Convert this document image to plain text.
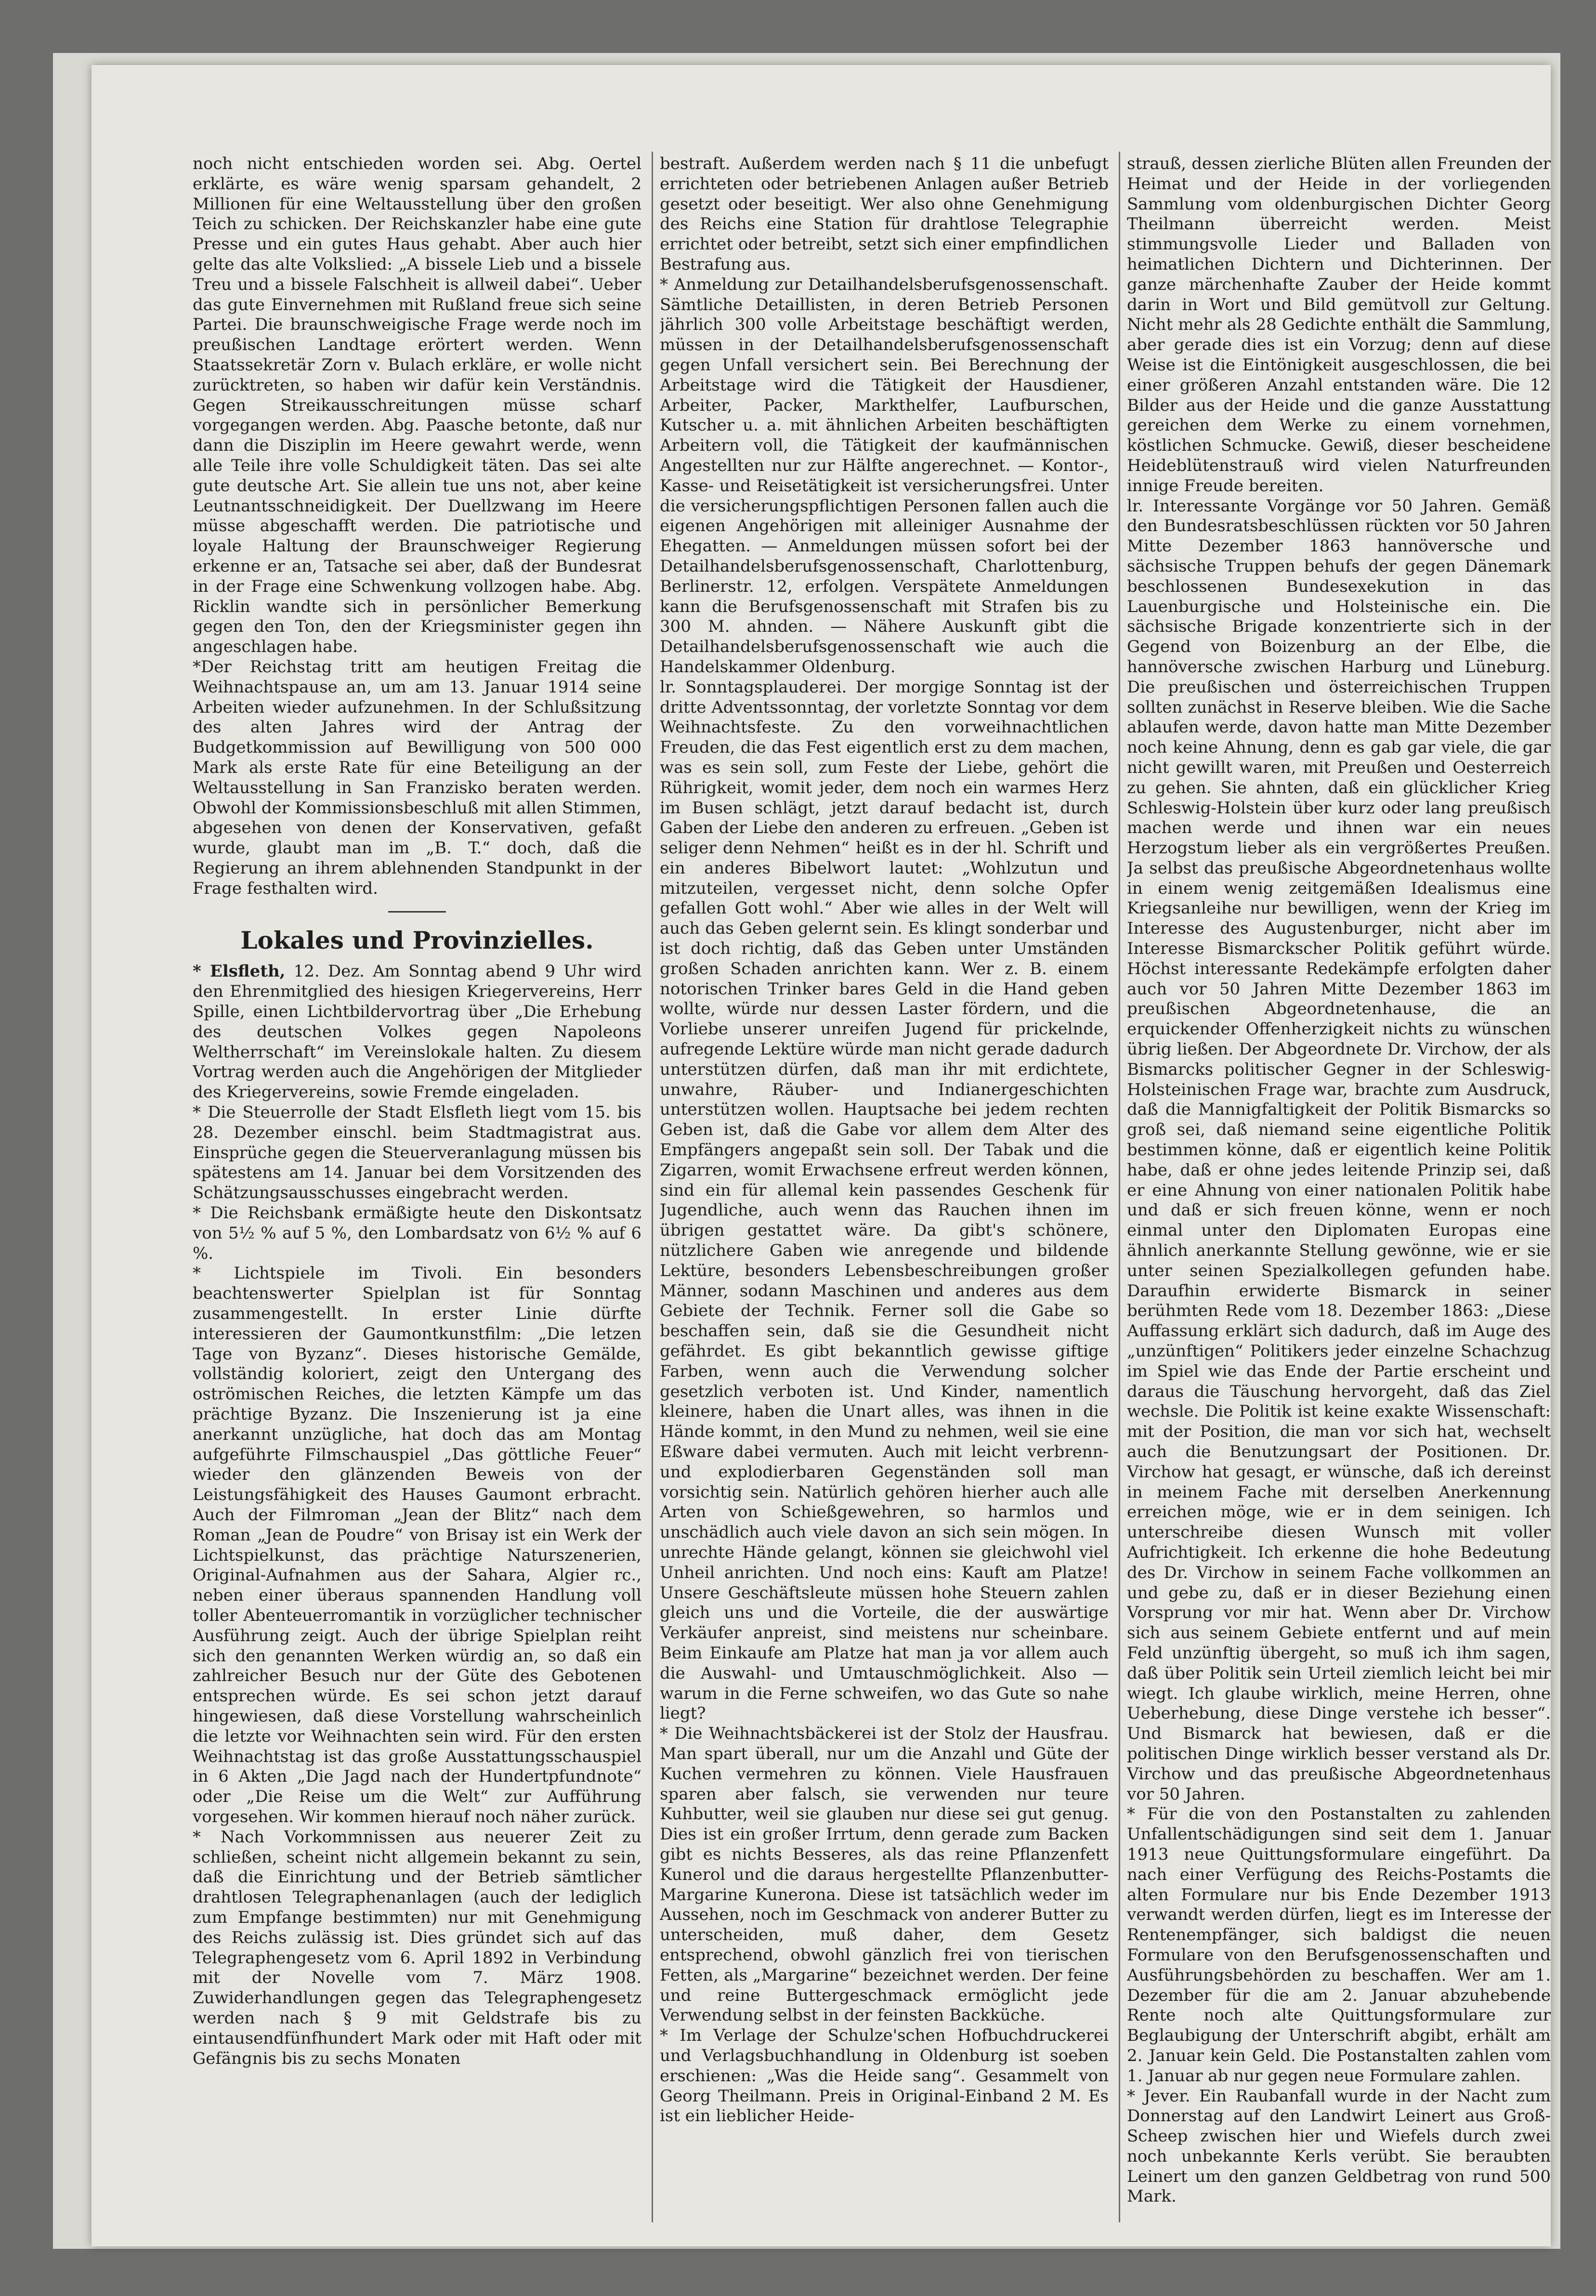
noch nicht entschieden worden sei. Abg. Oertel erklärte, es wäre wenig sparsam gehandelt, 2 Millionen für eine Weltausstellung über den großen Teich zu schicken. Der Reichskanzler habe eine gute Presse und ein gutes Haus gehabt. Aber auch hier gelte das alte Volkslied: „A bissele Lieb und a bissele Treu und a bissele Falschheit is allweil dabei“. Ueber das gute Einvernehmen mit Rußland freue sich seine Partei. Die braunschweigische Frage werde noch im preußischen Landtage erörtert werden. Wenn Staatssekretär Zorn v. Bulach erkläre, er wolle nicht zurücktreten, so haben wir dafür kein Verständnis. Gegen Streikausschreitungen müsse scharf vorgegangen werden. Abg. Paasche betonte, daß nur dann die Disziplin im Heere gewahrt werde, wenn alle Teile ihre volle Schuldigkeit täten. Das sei alte gute deutsche Art. Sie allein tue uns not, aber keine Leutnantsschneidigkeit. Der Duellzwang im Heere müsse abgeschafft werden. Die patriotische und loyale Haltung der Braunschweiger Regierung erkenne er an, Tatsache sei aber, daß der Bundesrat in der Frage eine Schwenkung vollzogen habe. Abg. Ricklin wandte sich in persönlicher Bemerkung gegen den Ton, den der Kriegsminister gegen ihn angeschlagen habe.

*Der Reichstag tritt am heutigen Freitag die Weihnachtspause an, um am 13. Januar 1914 seine Arbeiten wieder aufzunehmen. In der Schlußsitzung des alten Jahres wird der Antrag der Budgetkommission auf Bewilligung von 500 000 Mark als erste Rate für eine Beteiligung an der Weltausstellung in San Franzisko beraten werden. Obwohl der Kommissionsbeschluß mit allen Stimmen, abgesehen von denen der Konservativen, gefaßt wurde, glaubt man im „B. T.“ doch, daß die Regierung an ihrem ablehnenden Standpunkt in der Frage festhalten wird.

Lokales und Provinzielles.

* Elsfleth, 12. Dez. Am Sonntag abend 9 Uhr wird den Ehrenmitglied des hiesigen Kriegervereins, Herr Spille, einen Lichtbildervortrag über „Die Erhebung des deutschen Volkes gegen Napoleons Weltherrschaft“ im Vereinslokale halten. Zu diesem Vortrag werden auch die Angehörigen der Mitglieder des Kriegervereins, sowie Fremde eingeladen.

* Die Steuerrolle der Stadt Elsfleth liegt vom 15. bis 28. Dezember einschl. beim Stadtmagistrat aus. Einsprüche gegen die Steuerveranlagung müssen bis spätestens am 14. Januar bei dem Vorsitzenden des Schätzungsausschusses eingebracht werden.

* Die Reichsbank ermäßigte heute den Diskontsatz von 5½ % auf 5 %, den Lombardsatz von 6½ % auf 6 %.

* Lichtspiele im Tivoli. Ein besonders beachtenswerter Spielplan ist für Sonntag zusammengestellt. In erster Linie dürfte interessieren der Gaumontkunstfilm: „Die letzen Tage von Byzanz“. Dieses historische Gemälde, vollständig koloriert, zeigt den Untergang des oströmischen Reiches, die letzten Kämpfe um das prächtige Byzanz. Die Inszenierung ist ja eine anerkannt unzügliche, hat doch das am Montag aufgeführte Filmschauspiel „Das göttliche Feuer“ wieder den glänzenden Beweis von der Leistungsfähigkeit des Hauses Gaumont erbracht. Auch der Filmroman „Jean der Blitz“ nach dem Roman „Jean de Poudre“ von Brisay ist ein Werk der Lichtspielkunst, das prächtige Naturszenerien, Original-Aufnahmen aus der Sahara, Algier rc., neben einer überaus spannenden Handlung voll toller Abenteuerromantik in vorzüglicher technischer Ausführung zeigt. Auch der übrige Spielplan reiht sich den genannten Werken würdig an, so daß ein zahlreicher Besuch nur der Güte des Gebotenen entsprechen würde. Es sei schon jetzt darauf hingewiesen, daß diese Vorstellung wahrscheinlich die letzte vor Weihnachten sein wird. Für den ersten Weihnachtstag ist das große Ausstattungsschauspiel in 6 Akten „Die Jagd nach der Hundertpfundnote“ oder „Die Reise um die Welt“ zur Aufführung vorgesehen. Wir kommen hierauf noch näher zurück.

* Nach Vorkommnissen aus neuerer Zeit zu schließen, scheint nicht allgemein bekannt zu sein, daß die Einrichtung und der Betrieb sämtlicher drahtlosen Telegraphenanlagen (auch der lediglich zum Empfange bestimmten) nur mit Genehmigung des Reichs zulässig ist. Dies gründet sich auf das Telegraphengesetz vom 6. April 1892 in Verbindung mit der Novelle vom 7. März 1908. Zuwiderhandlungen gegen das Telegraphengesetz werden nach § 9 mit Geldstrafe bis zu eintausendfünfhundert Mark oder mit Haft oder mit Gefängnis bis zu sechs Monaten

bestraft. Außerdem werden nach § 11 die unbefugt errichteten oder betriebenen Anlagen außer Betrieb gesetzt oder beseitigt. Wer also ohne Genehmigung des Reichs eine Station für drahtlose Telegraphie errichtet oder betreibt, setzt sich einer empfindlichen Bestrafung aus.

* Anmeldung zur Detailhandelsberufsgenossenschaft. Sämtliche Detaillisten, in deren Betrieb Personen jährlich 300 volle Arbeitstage beschäftigt werden, müssen in der Detailhandelsberufsgenossenschaft gegen Unfall versichert sein. Bei Berechnung der Arbeitstage wird die Tätigkeit der Hausdiener, Arbeiter, Packer, Markthelfer, Laufburschen, Kutscher u. a. mit ähnlichen Arbeiten beschäftigten Arbeitern voll, die Tätigkeit der kaufmännischen Angestellten nur zur Hälfte angerechnet. — Kontor-, Kasse- und Reisetätigkeit ist versicherungsfrei. Unter die versicherungspflichtigen Personen fallen auch die eigenen Angehörigen mit alleiniger Ausnahme der Ehegatten. — Anmeldungen müssen sofort bei der Detailhandelsberufsgenossenschaft, Charlottenburg, Berlinerstr. 12, erfolgen. Verspätete Anmeldungen kann die Berufsgenossenschaft mit Strafen bis zu 300 M. ahnden. — Nähere Auskunft gibt die Detailhandelsberufsgenossenschaft wie auch die Handelskammer Oldenburg.

lr. Sonntagsplauderei. Der morgige Sonntag ist der dritte Adventssonntag, der vorletzte Sonntag vor dem Weihnachtsfeste. Zu den vorweihnachtlichen Freuden, die das Fest eigentlich erst zu dem machen, was es sein soll, zum Feste der Liebe, gehört die Rührigkeit, womit jeder, dem noch ein warmes Herz im Busen schlägt, jetzt darauf bedacht ist, durch Gaben der Liebe den anderen zu erfreuen. „Geben ist seliger denn Nehmen“ heißt es in der hl. Schrift und ein anderes Bibelwort lautet: „Wohlzutun und mitzuteilen, vergesset nicht, denn solche Opfer gefallen Gott wohl.“ Aber wie alles in der Welt will auch das Geben gelernt sein. Es klingt sonderbar und ist doch richtig, daß das Geben unter Umständen großen Schaden anrichten kann. Wer z. B. einem notorischen Trinker bares Geld in die Hand geben wollte, würde nur dessen Laster fördern, und die Vorliebe unserer unreifen Jugend für prickelnde, aufregende Lektüre würde man nicht gerade dadurch unterstützen dürfen, daß man ihr mit erdichtete, unwahre, Räuber- und Indianergeschichten unterstützen wollen. Hauptsache bei jedem rechten Geben ist, daß die Gabe vor allem dem Alter des Empfängers angepaßt sein soll. Der Tabak und die Zigarren, womit Erwachsene erfreut werden können, sind ein für allemal kein passendes Geschenk für Jugendliche, auch wenn das Rauchen ihnen im übrigen gestattet wäre. Da gibt's schönere, nützlichere Gaben wie anregende und bildende Lektüre, besonders Lebensbeschreibungen großer Männer, sodann Maschinen und anderes aus dem Gebiete der Technik. Ferner soll die Gabe so beschaffen sein, daß sie die Gesundheit nicht gefährdet. Es gibt bekanntlich gewisse giftige Farben, wenn auch die Verwendung solcher gesetzlich verboten ist. Und Kinder, namentlich kleinere, haben die Unart alles, was ihnen in die Hände kommt, in den Mund zu nehmen, weil sie eine Eßware dabei vermuten. Auch mit leicht verbrenn- und explodierbaren Gegenständen soll man vorsichtig sein. Natürlich gehören hierher auch alle Arten von Schießgewehren, so harmlos und unschädlich auch viele davon an sich sein mögen. In unrechte Hände gelangt, können sie gleichwohl viel Unheil anrichten. Und noch eins: Kauft am Platze! Unsere Geschäftsleute müssen hohe Steuern zahlen gleich uns und die Vorteile, die der auswärtige Verkäufer anpreist, sind meistens nur scheinbare. Beim Einkaufe am Platze hat man ja vor allem auch die Auswahl- und Umtauschmöglichkeit. Also — warum in die Ferne schweifen, wo das Gute so nahe liegt?

* Die Weihnachtsbäckerei ist der Stolz der Hausfrau. Man spart überall, nur um die Anzahl und Güte der Kuchen vermehren zu können. Viele Hausfrauen sparen aber falsch, sie verwenden nur teure Kuhbutter, weil sie glauben nur diese sei gut genug. Dies ist ein großer Irrtum, denn gerade zum Backen gibt es nichts Besseres, als das reine Pflanzenfett Kunerol und die daraus hergestellte Pflanzenbutter-Margarine Kunerona. Diese ist tatsächlich weder im Aussehen, noch im Geschmack von anderer Butter zu unterscheiden, muß daher, dem Gesetz entsprechend, obwohl gänzlich frei von tierischen Fetten, als „Margarine“ bezeichnet werden. Der feine und reine Buttergeschmack ermöglicht jede Verwendung selbst in der feinsten Backküche.

* Im Verlage der Schulze'schen Hofbuchdruckerei und Verlagsbuchhandlung in Oldenburg ist soeben erschienen: „Was die Heide sang“. Gesammelt von Georg Theilmann. Preis in Original-Einband 2 M. Es ist ein lieblicher Heide-

strauß, dessen zierliche Blüten allen Freunden der Heimat und der Heide in der vorliegenden Sammlung vom oldenburgischen Dichter Georg Theilmann überreicht werden. Meist stimmungsvolle Lieder und Balladen von heimatlichen Dichtern und Dichterinnen. Der ganze märchenhafte Zauber der Heide kommt darin in Wort und Bild gemütvoll zur Geltung. Nicht mehr als 28 Gedichte enthält die Sammlung, aber gerade dies ist ein Vorzug; denn auf diese Weise ist die Eintönigkeit ausgeschlossen, die bei einer größeren Anzahl entstanden wäre. Die 12 Bilder aus der Heide und die ganze Ausstattung gereichen dem Werke zu einem vornehmen, köstlichen Schmucke. Gewiß, dieser bescheidene Heideblütenstrauß wird vielen Naturfreunden innige Freude bereiten.

lr. Interessante Vorgänge vor 50 Jahren. Gemäß den Bundesratsbeschlüssen rückten vor 50 Jahren Mitte Dezember 1863 hannöversche und sächsische Truppen behufs der gegen Dänemark beschlossenen Bundesexekution in das Lauenburgische und Holsteinische ein. Die sächsische Brigade konzentrierte sich in der Gegend von Boizenburg an der Elbe, die hannöversche zwischen Harburg und Lüneburg. Die preußischen und österreichischen Truppen sollten zunächst in Reserve bleiben. Wie die Sache ablaufen werde, davon hatte man Mitte Dezember noch keine Ahnung, denn es gab gar viele, die gar nicht gewillt waren, mit Preußen und Oesterreich zu gehen. Sie ahnten, daß ein glücklicher Krieg Schleswig-Holstein über kurz oder lang preußisch machen werde und ihnen war ein neues Herzogstum lieber als ein vergrößertes Preußen. Ja selbst das preußische Abgeordnetenhaus wollte in einem wenig zeitgemäßen Idealismus eine Kriegsanleihe nur bewilligen, wenn der Krieg im Interesse des Augustenburger, nicht aber im Interesse Bismarckscher Politik geführt würde. Höchst interessante Redekämpfe erfolgten daher auch vor 50 Jahren Mitte Dezember 1863 im preußischen Abgeordnetenhause, die an erquickender Offenherzigkeit nichts zu wünschen übrig ließen. Der Abgeordnete Dr. Virchow, der als Bismarcks politischer Gegner in der Schleswig-Holsteinischen Frage war, brachte zum Ausdruck, daß die Mannigfaltigkeit der Politik Bismarcks so groß sei, daß niemand seine eigentliche Politik bestimmen könne, daß er eigentlich keine Politik habe, daß er ohne jedes leitende Prinzip sei, daß er eine Ahnung von einer nationalen Politik habe und daß er sich freuen könne, wenn er noch einmal unter den Diplomaten Europas eine ähnlich anerkannte Stellung gewönne, wie er sie unter seinen Spezialkollegen gefunden habe. Daraufhin erwiderte Bismarck in seiner berühmten Rede vom 18. Dezember 1863: „Diese Auffassung erklärt sich dadurch, daß im Auge des „unzünftigen“ Politikers jeder einzelne Schachzug im Spiel wie das Ende der Partie erscheint und daraus die Täuschung hervorgeht, daß das Ziel wechsle. Die Politik ist keine exakte Wissenschaft: mit der Position, die man vor sich hat, wechselt auch die Benutzungsart der Positionen. Dr. Virchow hat gesagt, er wünsche, daß ich dereinst in meinem Fache mit derselben Anerkennung erreichen möge, wie er in dem seinigen. Ich unterschreibe diesen Wunsch mit voller Aufrichtigkeit. Ich erkenne die hohe Bedeutung des Dr. Virchow in seinem Fache vollkommen an und gebe zu, daß er in dieser Beziehung einen Vorsprung vor mir hat. Wenn aber Dr. Virchow sich aus seinem Gebiete entfernt und auf mein Feld unzünftig übergeht, so muß ich ihm sagen, daß über Politik sein Urteil ziemlich leicht bei mir wiegt. Ich glaube wirklich, meine Herren, ohne Ueberhebung, diese Dinge verstehe ich besser“. Und Bismarck hat bewiesen, daß er die politischen Dinge wirklich besser verstand als Dr. Virchow und das preußische Abgeordnetenhaus vor 50 Jahren.

* Für die von den Postanstalten zu zahlenden Unfallentschädigungen sind seit dem 1. Januar 1913 neue Quittungsformulare eingeführt. Da nach einer Verfügung des Reichs-Postamts die alten Formulare nur bis Ende Dezember 1913 verwandt werden dürfen, liegt es im Interesse der Rentenempfänger, sich baldigst die neuen Formulare von den Berufsgenossenschaften und Ausführungsbehörden zu beschaffen. Wer am 1. Dezember für die am 2. Januar abzuhebende Rente noch alte Quittungsformulare zur Beglaubigung der Unterschrift abgibt, erhält am 2. Januar kein Geld. Die Postanstalten zahlen vom 1. Januar ab nur gegen neue Formulare zahlen.

* Jever. Ein Raubanfall wurde in der Nacht zum Donnerstag auf den Landwirt Leinert aus Groß-Scheep zwischen hier und Wiefels durch zwei noch unbekannte Kerls verübt. Sie beraubten Leinert um den ganzen Geldbetrag von rund 500 Mark.
